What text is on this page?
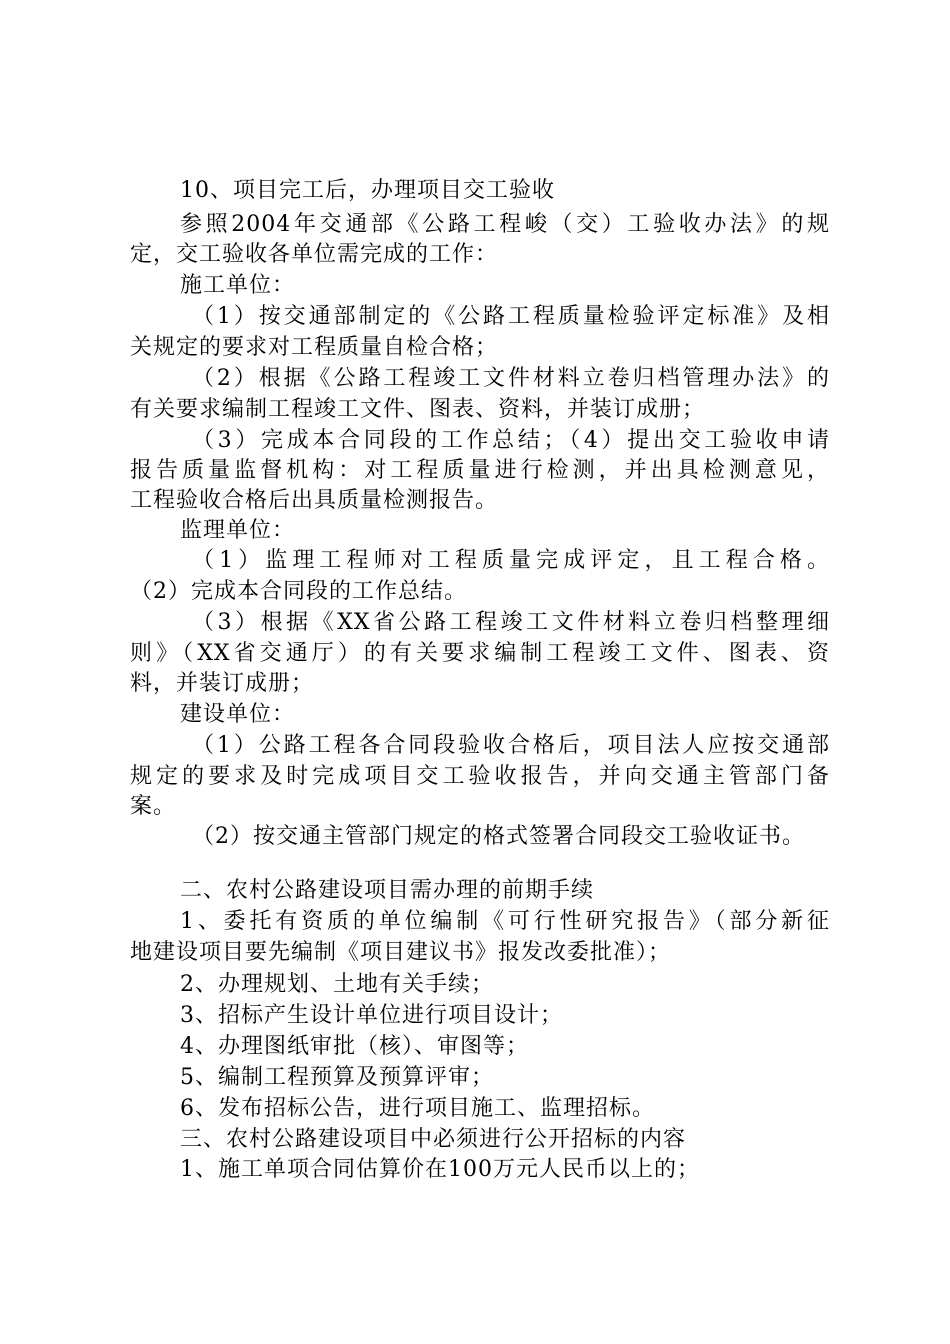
10、项目完工后，办理项目交工验收
参照2004年交通部《公路工程峻（交）工验收办法》的规
定，交工验收各单位需完成的工作：
施工单位：
（1）按交通部制定的《公路工程质量检验评定标准》及相
关规定的要求对工程质量自检合格；
（2）根据《公路工程竣工文件材料立卷归档管理办法》的
有关要求编制工程竣工文件、图表、资料，并装订成册；
（3）完成本合同段的工作总结；（4）提出交工验收申请
报告质量监督机构：对工程质量进行检测，并出具检测意见，
工程验收合格后出具质量检测报告。
监理单位：
（1）监理工程师对工程质量完成评定，且工程合格。
（2）完成本合同段的工作总结。
（3）根据《XX省公路工程竣工文件材料立卷归档整理细
则》（XX省交通厅）的有关要求编制工程竣工文件、图表、资
料，并装订成册；
建设单位：
（1）公路工程各合同段验收合格后，项目法人应按交通部
规定的要求及时完成项目交工验收报告，并向交通主管部门备
案。
（2）按交通主管部门规定的格式签署合同段交工验收证书。
二、农村公路建设项目需办理的前期手续
1、委托有资质的单位编制《可行性研究报告》（部分新征
地建设项目要先编制《项目建议书》报发改委批准）；
2、办理规划、土地有关手续；
3、招标产生设计单位进行项目设计；
4、办理图纸审批（核）、审图等；
5、编制工程预算及预算评审；
6、发布招标公告，进行项目施工、监理招标。
三、农村公路建设项目中必须进行公开招标的内容
1、施工单项合同估算价在100万元人民币以上的；
